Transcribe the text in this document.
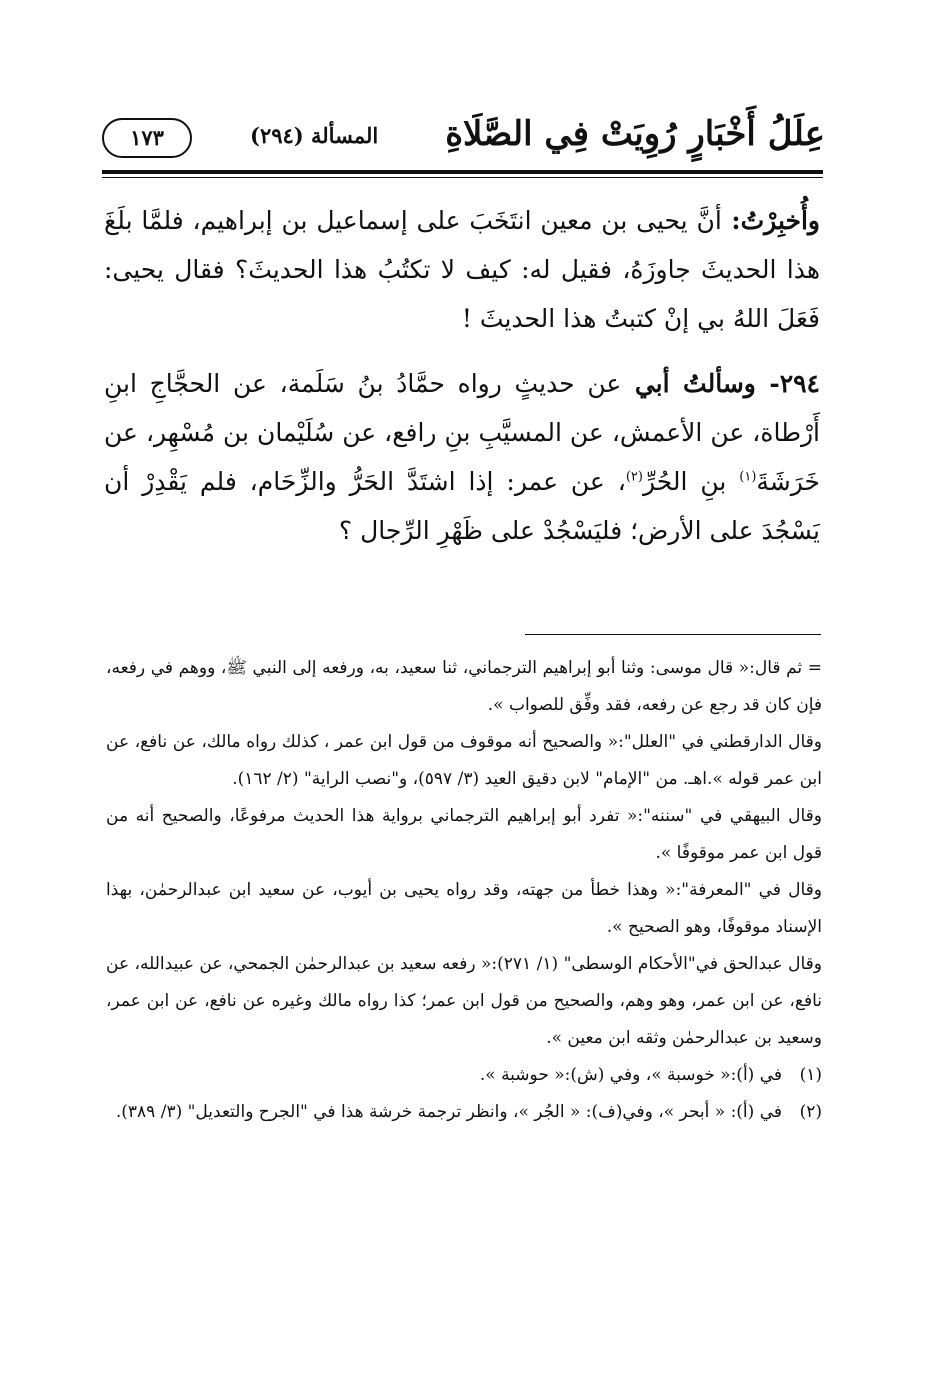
عِلَلُ أَخْبَارٍ رُوِيَتْ فِي الصَّلَاةِ
المسألة (٢٩٤)
١٧٣

وأُخبِرْتُ: أنَّ يحيى بن معين انتَخَبَ على إسماعيل بن إبراهيم، فلمَّا بلَغَ هذا الحديثَ جاوزَهُ، فقيل له: كيف لا تكتُبُ هذا الحديثَ؟ فقال يحيى: فَعَلَ اللهُ بي إنْ كتبتُ هذا الحديثَ !

٢٩٤- وسألتُ أبي عن حديثٍ رواه حمَّادُ بنُ سَلَمة، عن الحجَّاجِ ابنِ أَرْطاة، عن الأعمش، عن المسيَّبِ بنِ رافع، عن سُلَيْمان بن مُسْهِر، عن خَرَشَةَ$^{(١)}$ بنِ الحُرِّ$^{(٢)}$، عن عمر: إذا اشتَدَّ الحَرُّ والزِّحَام، فلم يَقْدِرْ أن يَسْجُدَ على الأرض؛ فليَسْجُدْ على ظَهْرِ الرِّجال ؟

= ثم قال:« قال موسى: وثنا أبو إبراهيم الترجماني، ثنا سعيد، به، ورفعه إلى النبي ﷺ، ووهم في رفعه، فإن كان قد رجع عن رفعه، فقد وفِّق للصواب ».

وقال الدارقطني في "العلل":« والصحيح أنه موقوف من قول ابن عمر ، كذلك رواه مالك، عن نافع، عن ابن عمر قوله ».اهـ. من "الإمام" لابن دقيق العيد (٣/ ٥٩٧)، و"نصب الراية" (٢/ ١٦٢).

وقال البيهقي في "سننه":« تفرد أبو إبراهيم الترجماني برواية هذا الحديث مرفوعًا، والصحيح أنه من قول ابن عمر موقوفًا ».

وقال في "المعرفة":« وهذا خطأ من جهته، وقد رواه يحيى بن أيوب، عن سعيد ابن عبدالرحمٰن، بهذا الإسناد موقوفًا، وهو الصحيح ».

وقال عبدالحق في"الأحكام الوسطى" (١/ ٢٧١):« رفعه سعيد بن عبدالرحمٰن الجمحي، عن عبيدالله، عن نافع، عن ابن عمر، وهو وهم، والصحيح من قول ابن عمر؛ كذا رواه مالك وغيره عن نافع، عن ابن عمر، وسعيد بن عبدالرحمٰن وثقه ابن معين ».

(١)في (أ):« خوسبة »، وفي (ش):« حوشبة ».

(٢)في (أ): « أبحر »، وفي(ف): « الجُر »، وانظر ترجمة خرشة هذا في "الجرح والتعديل" (٣/ ٣٨٩).
